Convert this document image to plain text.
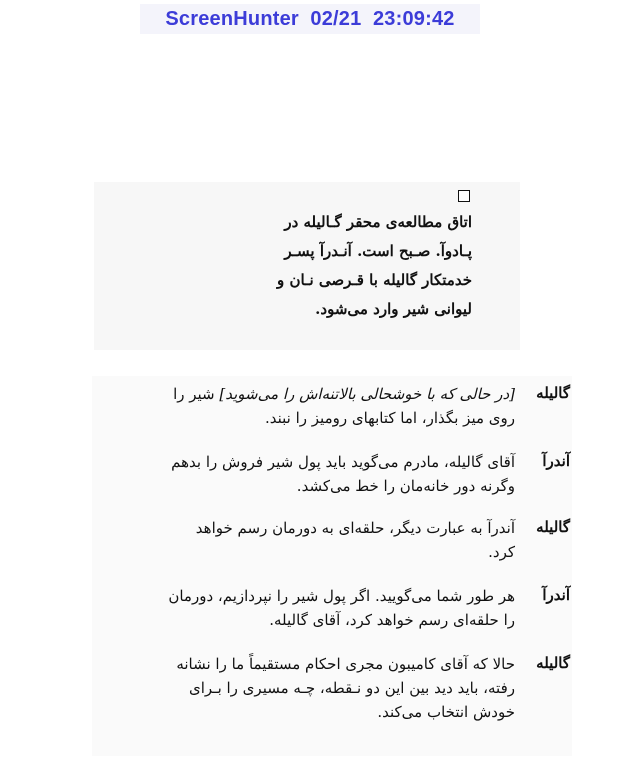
ScreenHunter  02/21  23:09:42
اتاق مطالعه‌ی محقر گـالیله در
پـادوآ. صـبح است. آنـدرآ پسـر
خدمتکار گالیله با قـرصی نـان و
لیوانی شیر وارد می‌شود.
گالیله
[در حالی که با خوشحالی بالاتنه‌اش را می‌شوید] شیر را
روی میز بگذار، اما کتابهای رومیز را نبند.
آندرآ
آقای گالیله، مادرم می‌گوید باید پول شیر فروش را بدهم
وگرنه دور خانه‌مان را خط می‌کشد.
گالیله
آندرآ به عبارت دیگر، حلقه‌ای به دورمان رسم خواهد
کرد.
آندرآ
هر طور شما می‌گویید. اگر پول شیر را نپردازیم، دورمان
را حلقه‌ای رسم خواهد کرد، آقای گالیله.
گالیله
حالا که آقای کامیبون مجری احکام مستقیماً ما را نشانه
رفته، باید دید بین این دو نـقطه، چـه مسیری را بـرای
خودش انتخاب می‌کند.
